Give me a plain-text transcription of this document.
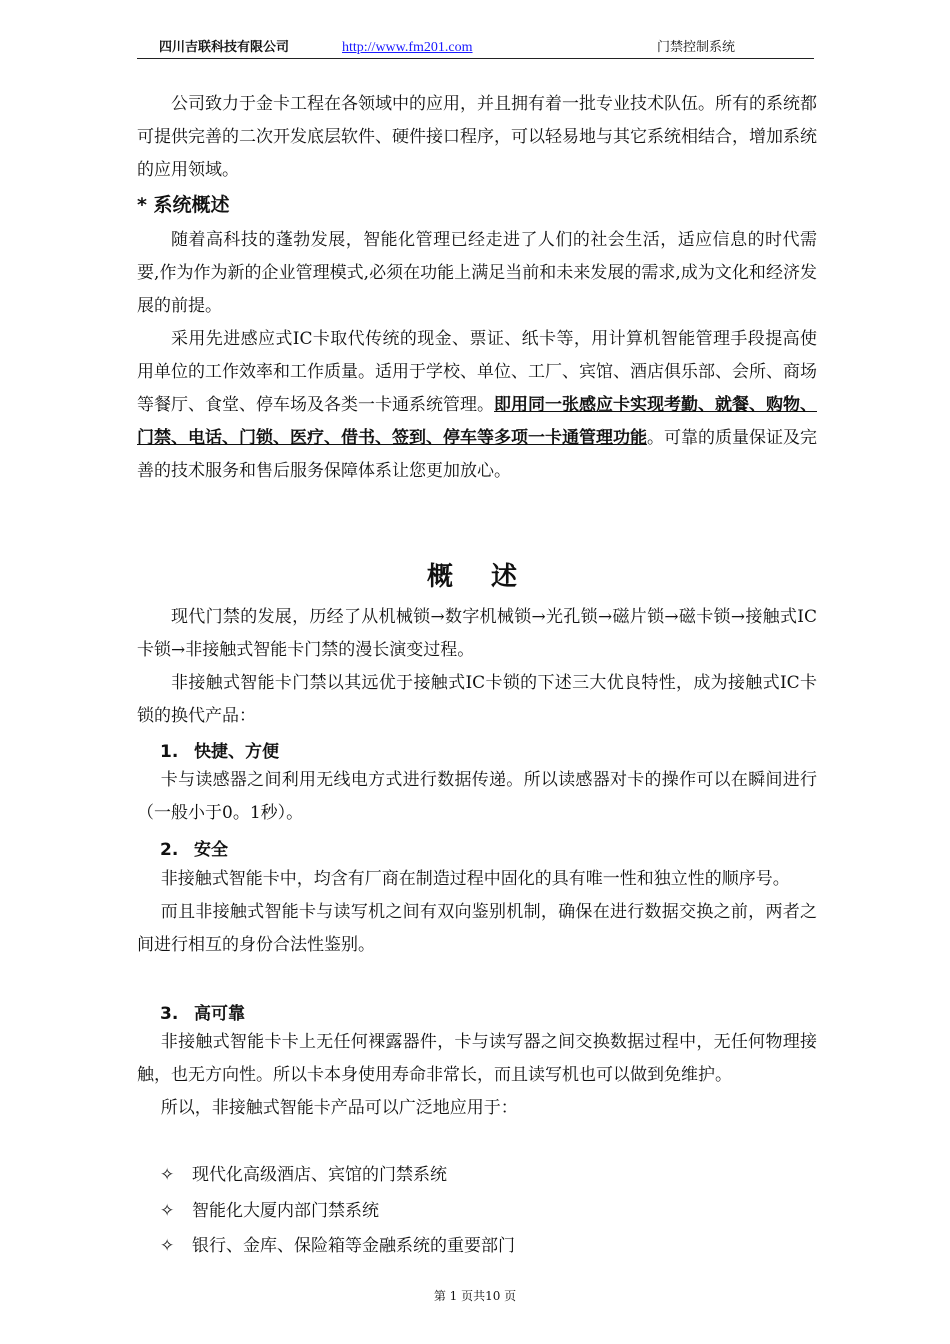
四川吉联科技有限公司	http://www.fm201.com	门禁控制系统

公司致力于金卡工程在各领域中的应用，并且拥有着一批专业技术队伍。所有的系统都可提供完善的二次开发底层软件、硬件接口程序，可以轻易地与其它系统相结合，增加系统的应用领域。

* 系统概述

随着高科技的蓬勃发展，智能化管理已经走进了人们的社会生活，适应信息的时代需要,作为作为新的企业管理模式,必须在功能上满足当前和未来发展的需求,成为文化和经济发展的前提。

采用先进感应式IC卡取代传统的现金、票证、纸卡等，用计算机智能管理手段提高使用单位的工作效率和工作质量。适用于学校、单位、工厂、宾馆、酒店俱乐部、会所、商场等餐厅、食堂、停车场及各类一卡通系统管理。即用同一张感应卡实现考勤、就餐、购物、门禁、电话、门锁、医疗、借书、签到、停车等多项一卡通管理功能。可靠的质量保证及完善的技术服务和售后服务保障体系让您更加放心。

概　述

现代门禁的发展，历经了从机械锁→数字机械锁→光孔锁→磁片锁→磁卡锁→接触式IC卡锁→非接触式智能卡门禁的漫长演变过程。

非接触式智能卡门禁以其远优于接触式IC卡锁的下述三大优良特性，成为接触式IC卡锁的换代产品：

1. 快捷、方便

卡与读感器之间利用无线电方式进行数据传递。所以读感器对卡的操作可以在瞬间进行（一般小于0。1秒）。

2. 安全

非接触式智能卡中，均含有厂商在制造过程中固化的具有唯一性和独立性的顺序号。

而且非接触式智能卡与读写机之间有双向鉴别机制，确保在进行数据交换之前，两者之间进行相互的身份合法性鉴别。

3. 高可靠

非接触式智能卡卡上无任何裸露器件，卡与读写器之间交换数据过程中，无任何物理接触，也无方向性。所以卡本身使用寿命非常长，而且读写机也可以做到免维护。

所以，非接触式智能卡产品可以广泛地应用于：

✧ 现代化高级酒店、宾馆的门禁系统
✧ 智能化大厦内部门禁系统
✧ 银行、金库、保险箱等金融系统的重要部门
第 1 页共10 页
